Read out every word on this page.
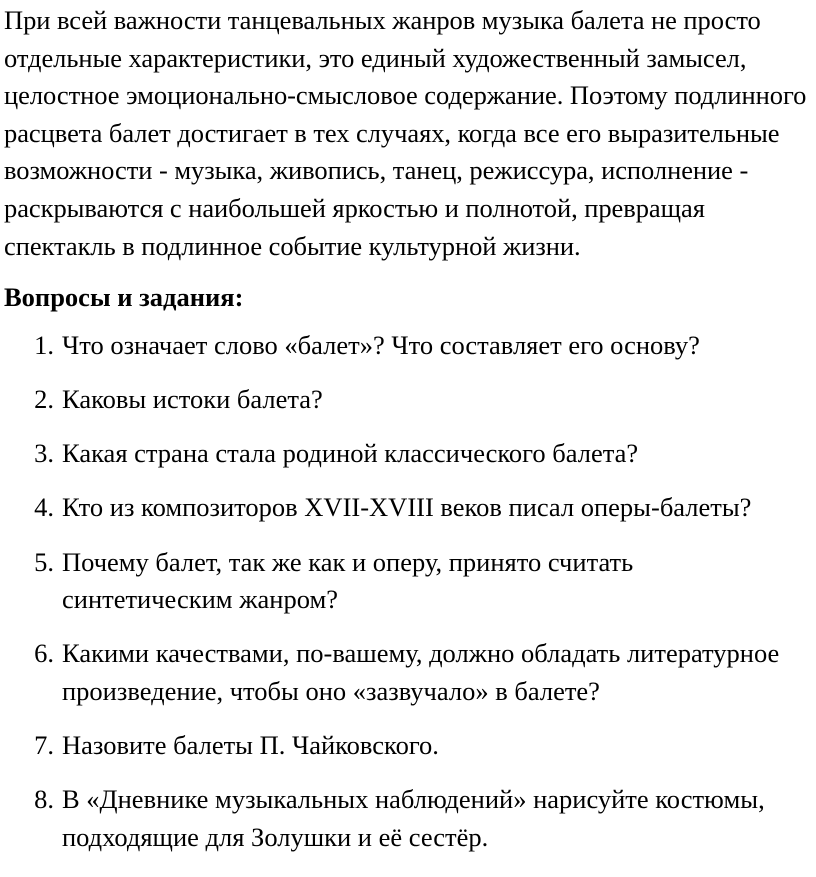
При всей важности танцевальных жанров музыка балета не просто отдельные характеристики, это единый художественный замысел, целостное эмоционально-смысловое содержание. Поэтому подлинного расцвета балет достигает в тех случаях, когда все его выразительные возможности - музыка, живопись, танец, режиссура, исполнение - раскрываются с наибольшей яркостью и полнотой, превращая спектакль в подлинное событие культурной жизни.

Вопросы и задания:
1. Что означает слово «балет»? Что составляет его основу?
2. Каковы истоки балета?
3. Какая страна стала родиной классического балета?
4. Кто из композиторов XVII-XVIII веков писал оперы-балеты?
5. Почему балет, так же как и оперу, принято считать синтетическим жанром?
6. Какими качествами, по-вашему, должно обладать литературное произведение, чтобы оно «зазвучало» в балете?
7. Назовите балеты П. Чайковского.
8. В «Дневнике музыкальных наблюдений» нарисуйте костюмы, подходящие для Золушки и её сестёр.
